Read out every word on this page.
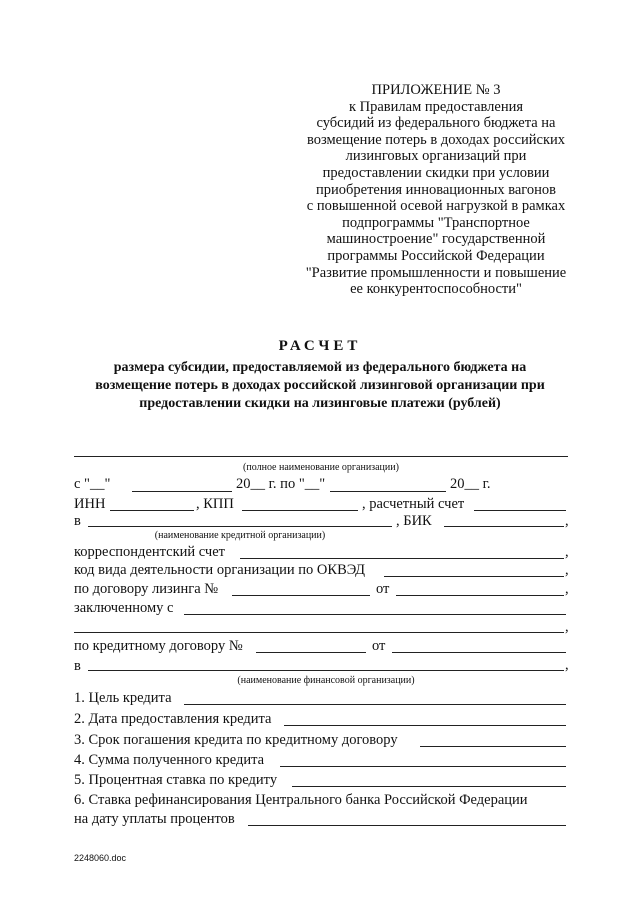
ПРИЛОЖЕНИЕ № 3
к Правилам предоставления
субсидий из федерального бюджета на
возмещение потерь в доходах российских
лизинговых организаций при
предоставлении скидки при условии
приобретения инновационных вагонов
с повышенной осевой нагрузкой в рамках
подпрограммы "Транспортное
машиностроение" государственной
программы Российской Федерации
"Развитие промышленности и повышение
ее конкурентоспособности"
РАСЧЕТ
размера субсидии, предоставляемой из федерального бюджета на
возмещение потерь в доходах российской лизинговой организации при
предоставлении скидки на лизинговые платежи (рублей)
(полное наименование организации)
с "__"	20__ г. по "__"	20__ г.
ИНН	, КПП	, расчетный счет
в	, БИК	,
(наименование кредитной организации)
корреспондентский счет	,
код вида деятельности организации по ОКВЭД	,
по договору лизинга №	от	,
заключенному с
,
по кредитному договору №	от
в	,
(наименование финансовой организации)
1. Цель кредита
2. Дата предоставления кредита
3. Срок погашения кредита по кредитному договору
4. Сумма полученного кредита
5. Процентная ставка по кредиту
6. Ставка рефинансирования Центрального банка Российской Федерации
на дату уплаты процентов
2248060.doc
